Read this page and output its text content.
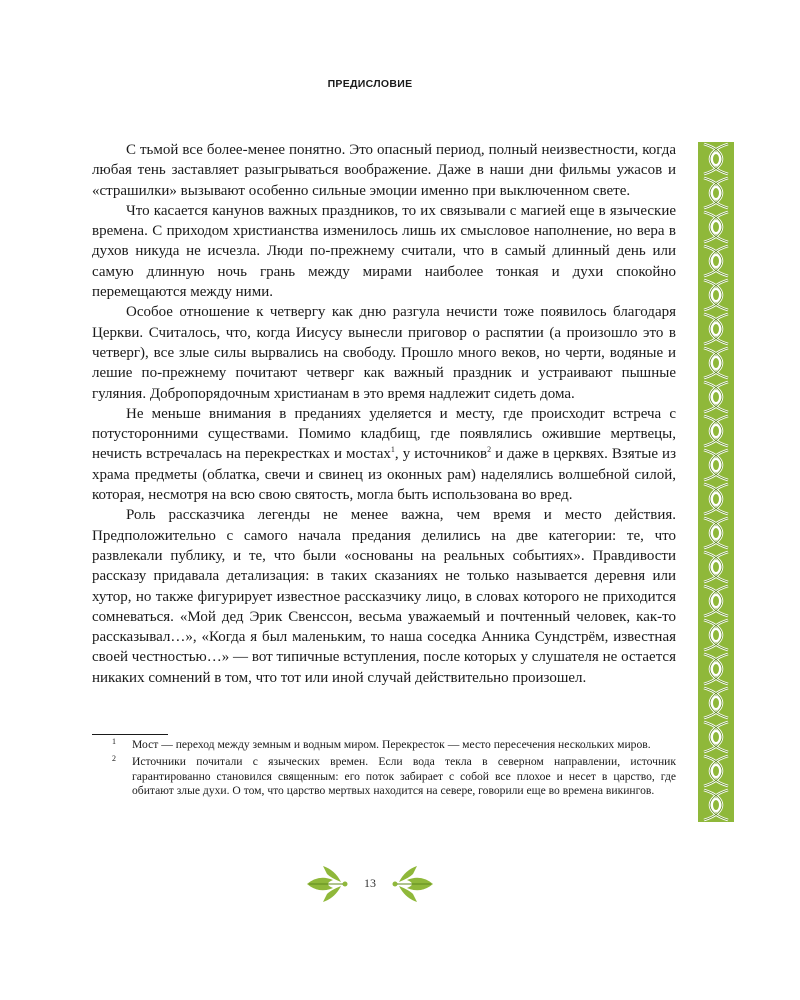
ПРЕДИСЛОВИЕ

С тьмой все более-менее понятно. Это опасный период, полный неизвестности, когда любая тень заставляет разыгрываться воображение. Даже в наши дни фильмы ужасов и «страшилки» вызывают особенно сильные эмоции именно при выключенном свете.

Что касается канунов важных праздников, то их связывали с магией еще в языческие времена. С приходом христианства изменилось лишь их смысловое наполнение, но вера в духов никуда не исчезла. Люди по-прежнему считали, что в самый длинный день или самую длинную ночь грань между мирами наиболее тонкая и духи спокойно перемещаются между ними.

Особое отношение к четвергу как дню разгула нечисти тоже появилось благодаря Церкви. Считалось, что, когда Иисусу вынесли приговор о распятии (а произошло это в четверг), все злые силы вырвались на свободу. Прошло много веков, но черти, водяные и лешие по-прежнему почитают четверг как важный праздник и устраивают пышные гуляния. Добропорядочным христианам в это время надлежит сидеть дома.

Не меньше внимания в преданиях уделяется и месту, где происходит встреча с потусторонними существами. Помимо кладбищ, где появлялись ожившие мертвецы, нечисть встречалась на перекрестках и мостах$^1$, у источников$^2$ и даже в церквях. Взятые из храма предметы (облатка, свечи и свинец из оконных рам) наделялись волшебной силой, которая, несмотря на всю свою святость, могла быть использована во вред.

Роль рассказчика легенды не менее важна, чем время и место действия. Предположительно с самого начала предания делились на две категории: те, что развлекали публику, и те, что были «основаны на реальных событиях». Правдивости рассказу придавала детализация: в таких сказаниях не только называется деревня или хутор, но также фигурирует известное рассказчику лицо, в словах которого не приходится сомневаться. «Мой дед Эрик Свенссон, весьма уважаемый и почтенный человек, как-то рассказывал…», «Когда я был маленьким, то наша соседка Анника Сундстрём, известная своей честностью…» — вот типичные вступления, после которых у слушателя не остается никаких сомнений в том, что тот или иной случай действительно произошел.

1 Мост — переход между земным и водным миром. Перекресток — место пересечения нескольких миров.
2 Источники почитали с языческих времен. Если вода текла в северном направлении, источник гарантированно становился священным: его поток забирает с собой все плохое и несет в царство, где обитают злые духи. О том, что царство мертвых находится на севере, говорили еще во времена викингов.
13
